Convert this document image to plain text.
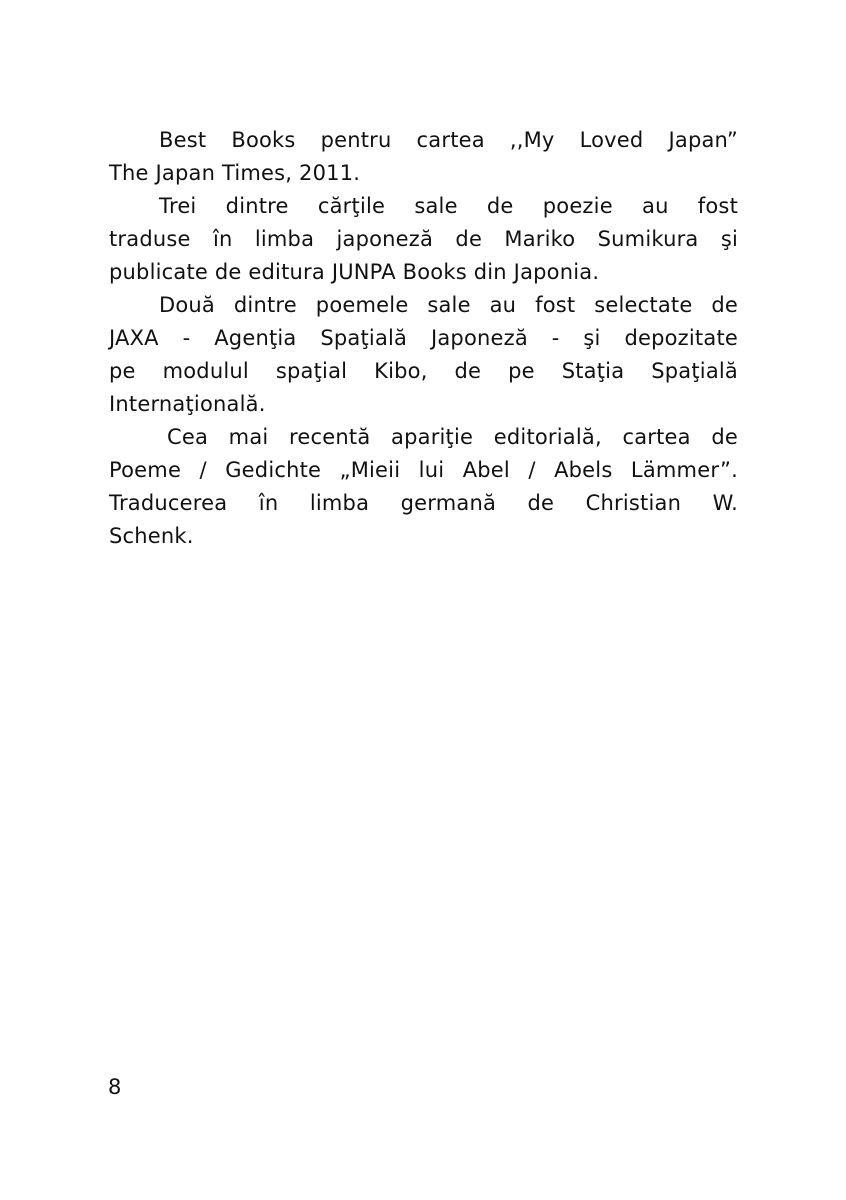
Best Books pentru cartea ,,My Loved Japan”
The Japan Times, 2011.
Trei dintre cărţile sale de poezie au fost
traduse în limba japoneză de Mariko Sumikura şi
publicate de editura JUNPA Books din Japonia.
Două dintre poemele sale au fost selectate de
JAXA - Agenţia Spaţială Japoneză - şi depozitate
pe modulul spaţial Kibo, de pe Staţia Spaţială
Internaţională.
Cea mai recentă apariţie editorială, cartea de
Poeme / Gedichte „Mieii lui Abel / Abels Lämmer”.
Traducerea în limba germană de Christian W.
Schenk.
8
